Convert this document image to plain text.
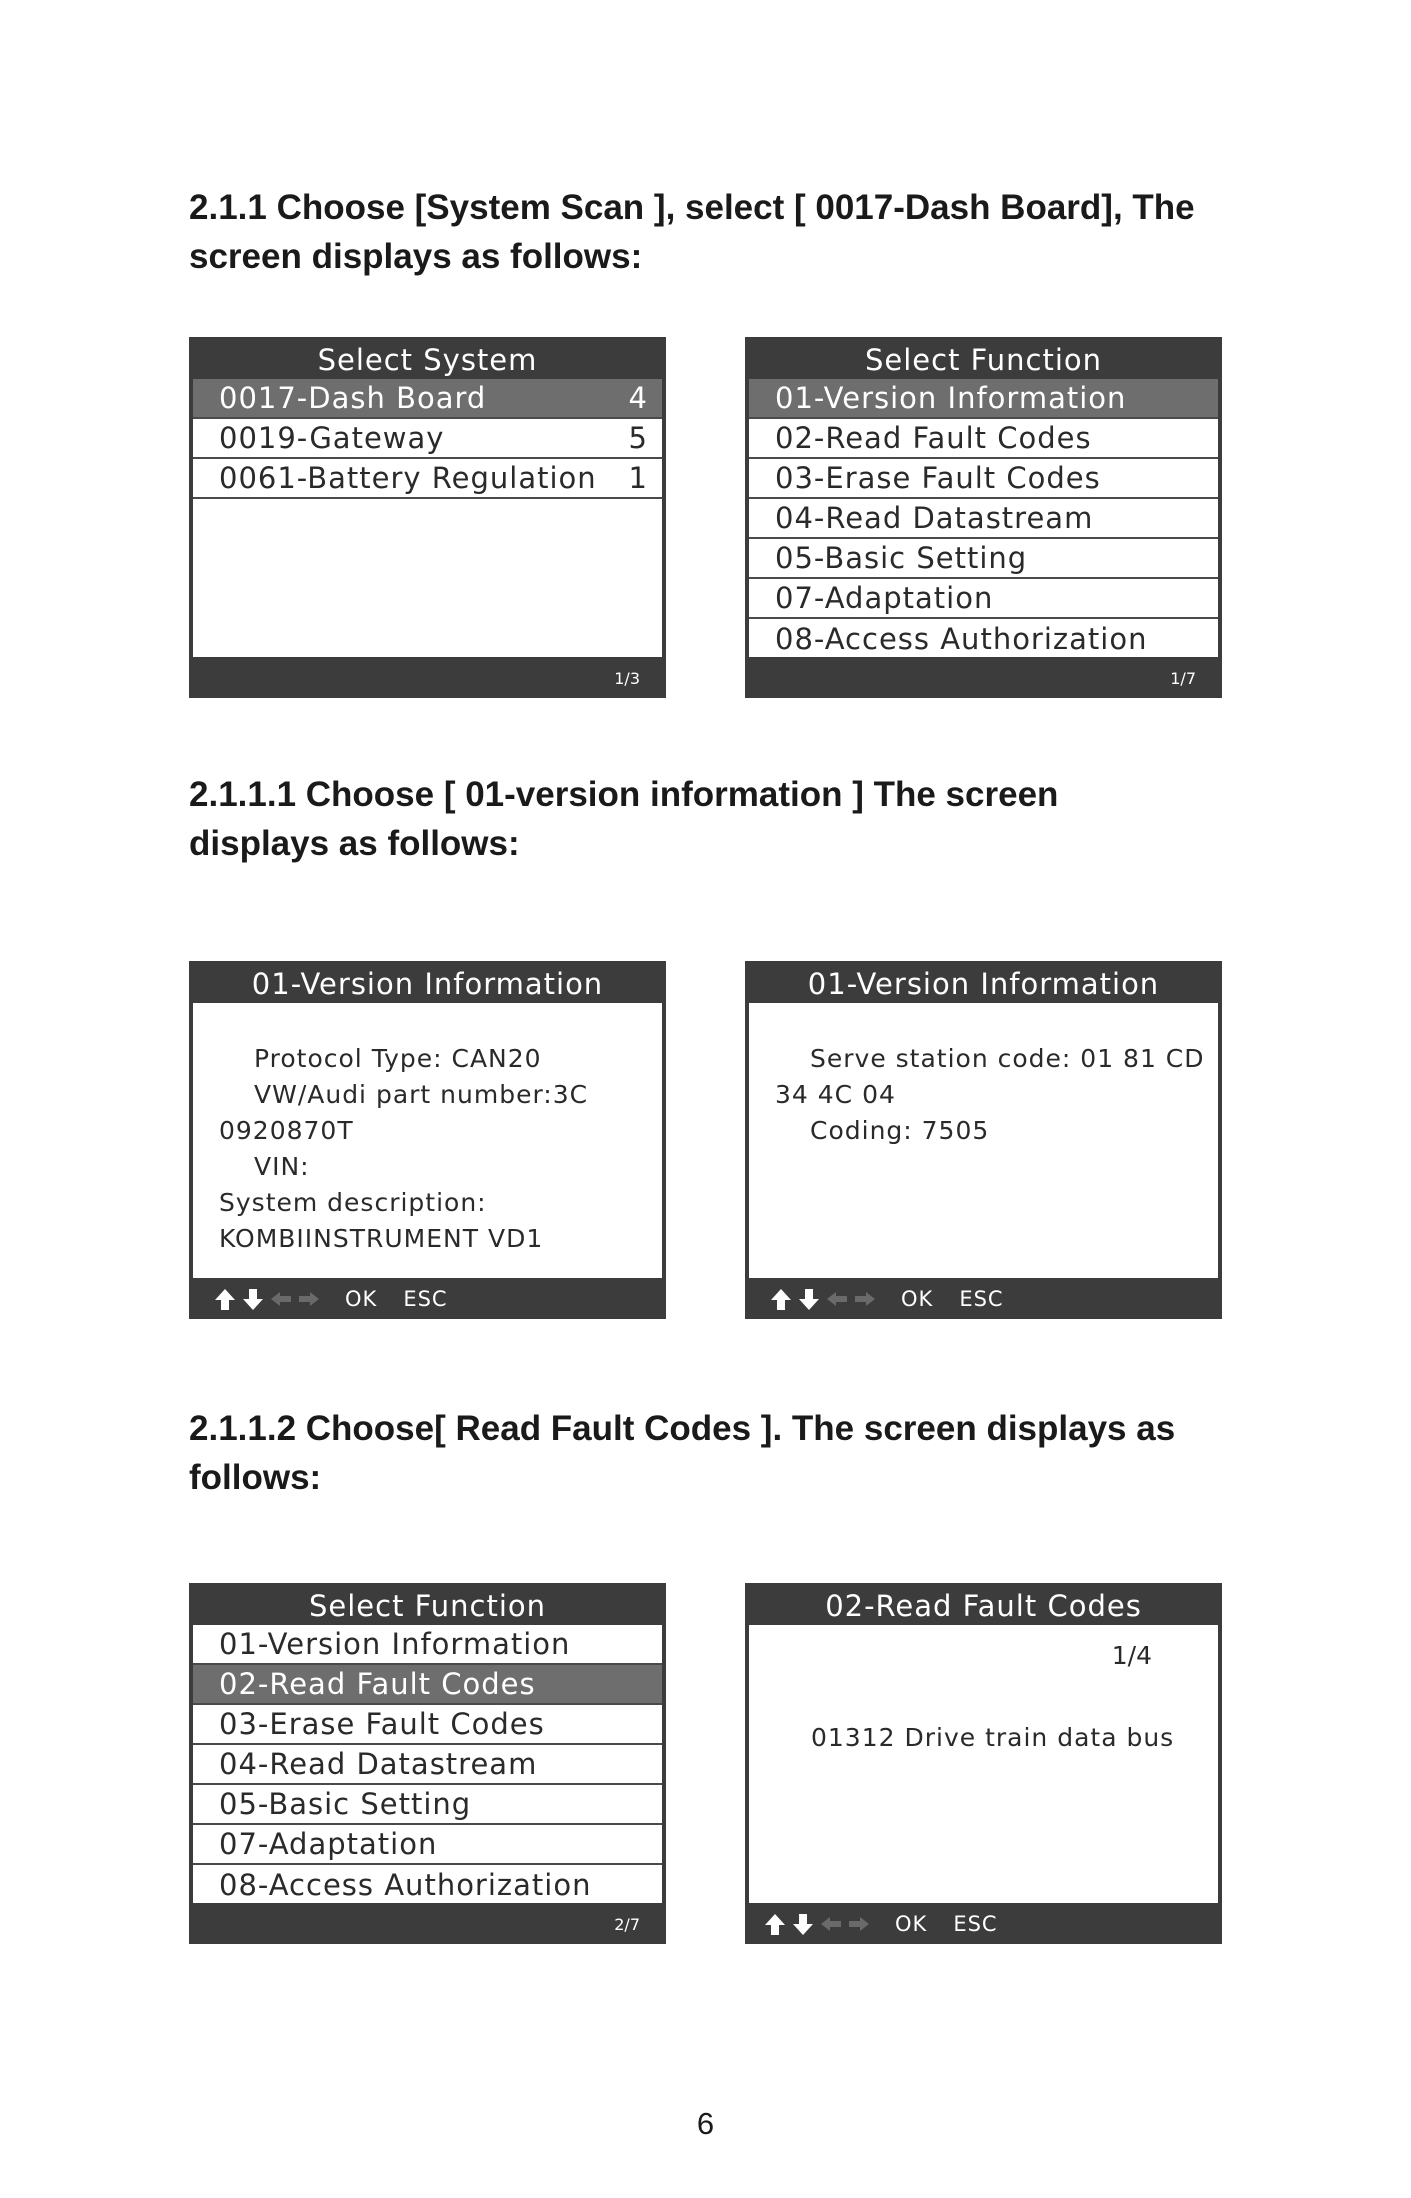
2.1.1 Choose [System Scan ], select [ 0017-Dash Board], The
screen displays as follows:
Select System
0017-Dash Board	4
0019-Gateway	5
0061-Battery Regulation 1
1/3
Select Function
01-Version Information
02-Read Fault Codes
03-Erase Fault Codes
04-Read Datastream
05-Basic Setting
07-Adaptation
08-Access Authorization
1/7
2.1.1.1 Choose [ 01-version information ] The screen
displays as follows:
01-Version Information
Protocol Type: CAN20
VW/Audi part number:3C
0920870T
VIN:
System description:
KOMBIINSTRUMENT VD1
OK ESC
01-Version Information
Serve station code: 01 81 CD
34 4C 04
Coding: 7505
OK ESC
2.1.1.2 Choose[ Read Fault Codes ]. The screen displays as
follows:
Select Function
01-Version Information
02-Read Fault Codes
03-Erase Fault Codes
04-Read Datastream
05-Basic Setting
07-Adaptation
08-Access Authorization
2/7
02-Read Fault Codes
1/4
01312 Drive train data bus
OK ESC
6
